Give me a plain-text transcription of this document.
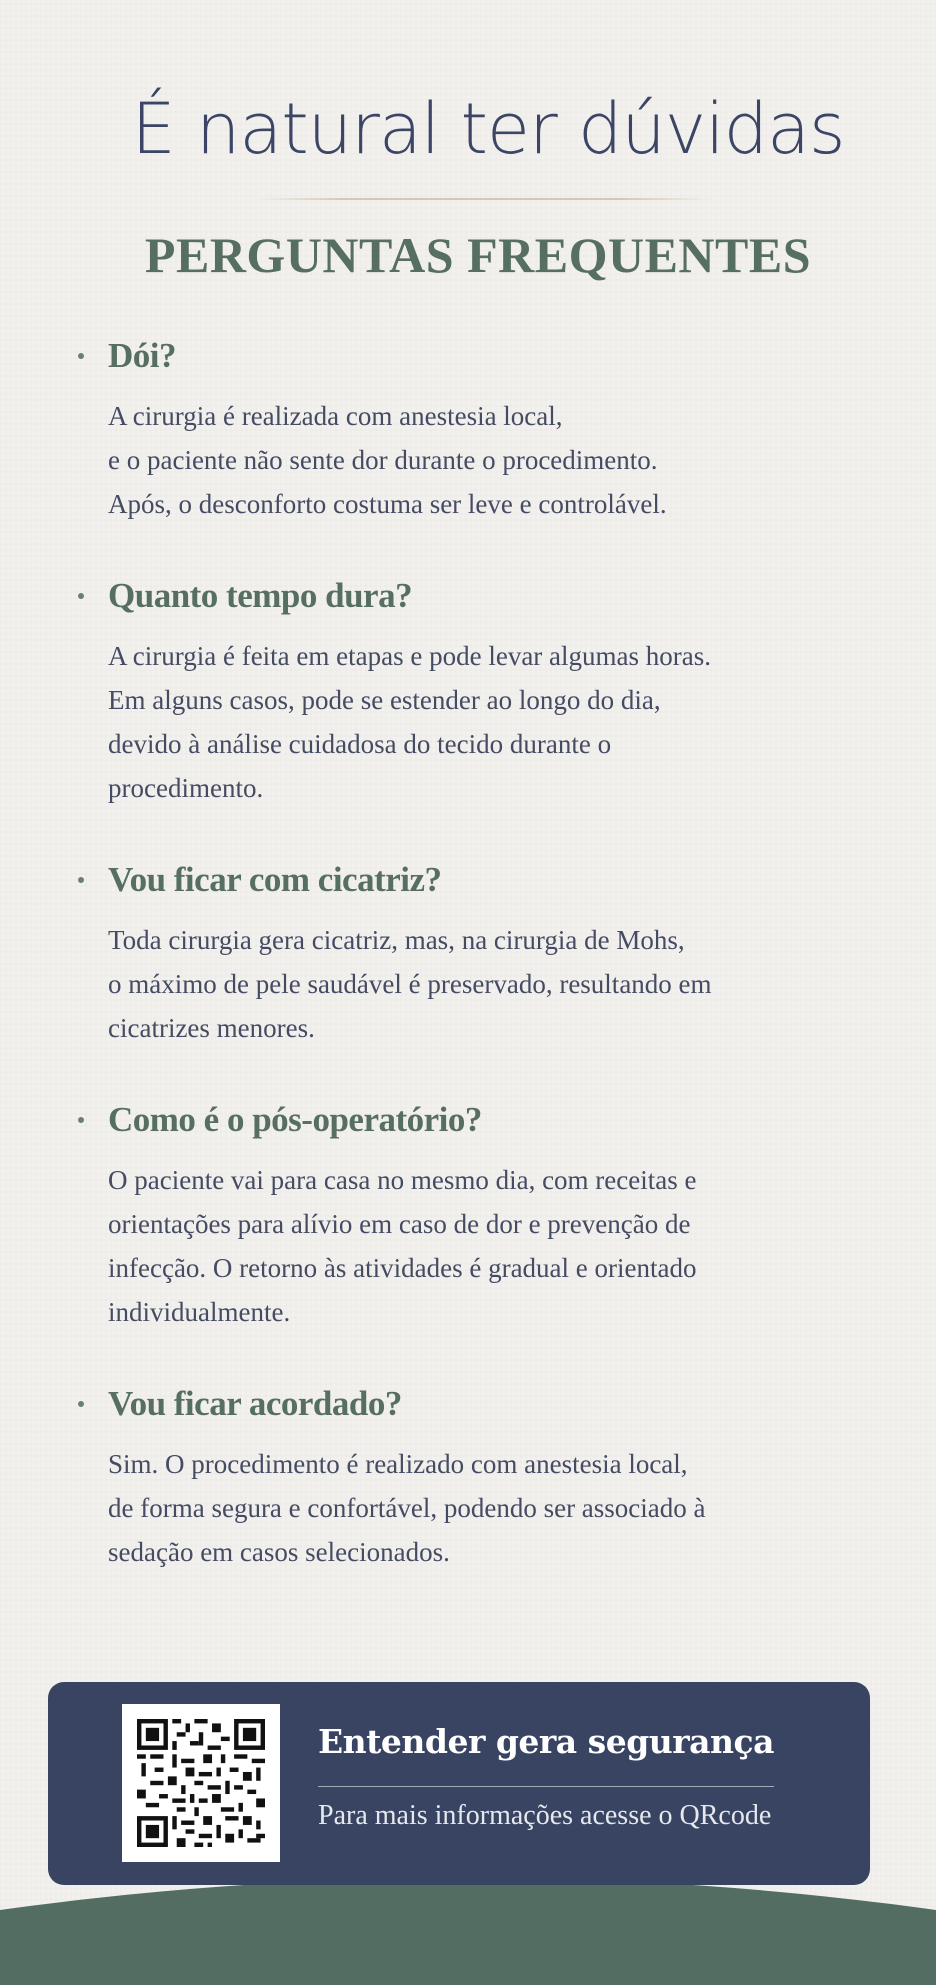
É natural ter dúvidas
PERGUNTAS FREQUENTES
Dói?

A cirurgia é realizada com anestesia local,
e o paciente não sente dor durante o procedimento.
Após, o desconforto costuma ser leve e controlável.

Quanto tempo dura?

A cirurgia é feita em etapas e pode levar algumas horas.
Em alguns casos, pode se estender ao longo do dia,
devido à análise cuidadosa do tecido durante o
procedimento.

Vou ficar com cicatriz?

Toda cirurgia gera cicatriz, mas, na cirurgia de Mohs,
o máximo de pele saudável é preservado, resultando em
cicatrizes menores.

Como é o pós-operatório?

O paciente vai para casa no mesmo dia, com receitas e
orientações para alívio em caso de dor e prevenção de
infecção. O retorno às atividades é gradual e orientado
individualmente.

Vou ficar acordado?

Sim. O procedimento é realizado com anestesia local,
de forma segura e confortável, podendo ser associado à
sedação em casos selecionados.

Entender gera segurança
Para mais informações acesse o QRcode
